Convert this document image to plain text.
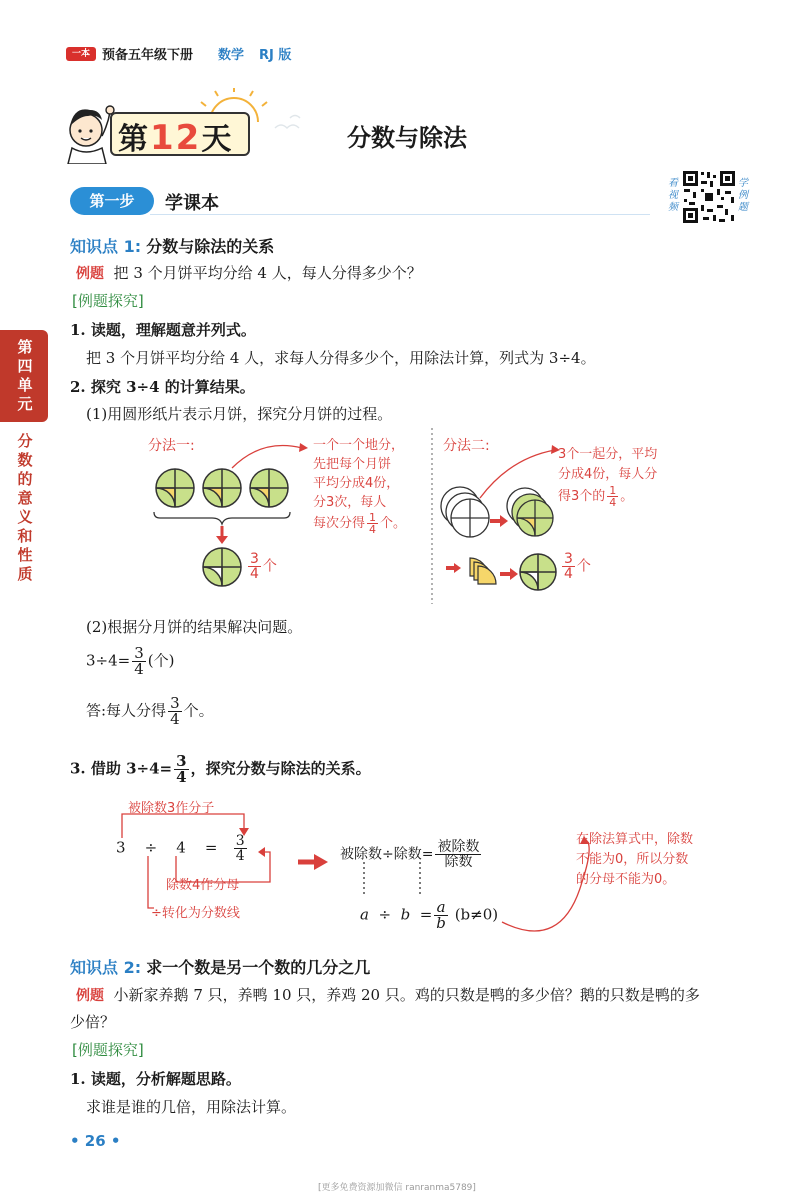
一本 预备五年级下册 数学 RJ 版
第12天	分数与除法
第一步	学课本
看视频
学例题
第四单元
分数的意义和性质
知识点 1: 分数与除法的关系
例题 把 3 个月饼平均分给 4 人，每人分得多少个？
[例题探究]
1. 读题，理解题意并列式。
把 3 个月饼平均分给 4 人，求每人分得多少个，用除法计算，列式为 3÷4。
2. 探究 3÷4 的计算结果。
(1)用圆形纸片表示月饼，探究分月饼的过程。
分法一:	一个一个地分，
先把每个月饼
平均分成4份，
分3次，每人
每次分得 $\frac{1}{4}$ 个。
$\frac{3}{4}$ 个
分法二:
3个一起分，平均
分成4份，每人分
得3个的 $\frac{1}{4}$ 。
$\frac{3}{4}$ 个
(2)根据分月饼的结果解决问题。
$3\div 4= \frac{3}{4}$ (个)
答:每人分得 $\frac{3}{4}$ 个。
3. 借助 $3\div 4= \frac{3}{4}$ ，探究分数与除法的关系。
被除数3作分子
$3 \div 4 = \frac{3}{4}$
除数4作分母
÷转化为分数线
被除数÷除数= $\frac{\text{被除数}}{\text{除数}}$
$a \div b = \frac{a}{b} (b\ne 0)$
在除法算式中，除数
不能为0，所以分数
的分母不能为0。
知识点 2: 求一个数是另一个数的几分之几
例题 小新家养鹅 7 只，养鸭 10 只，养鸡 20 只。鸡的只数是鸭的多少倍？鹅的只数是鸭的多
少倍？
[例题探究]
1. 读题，分析解题思路。
求谁是谁的几倍，用除法计算。
• 26 •
[更多免费资源加微信 ranranma5789]
